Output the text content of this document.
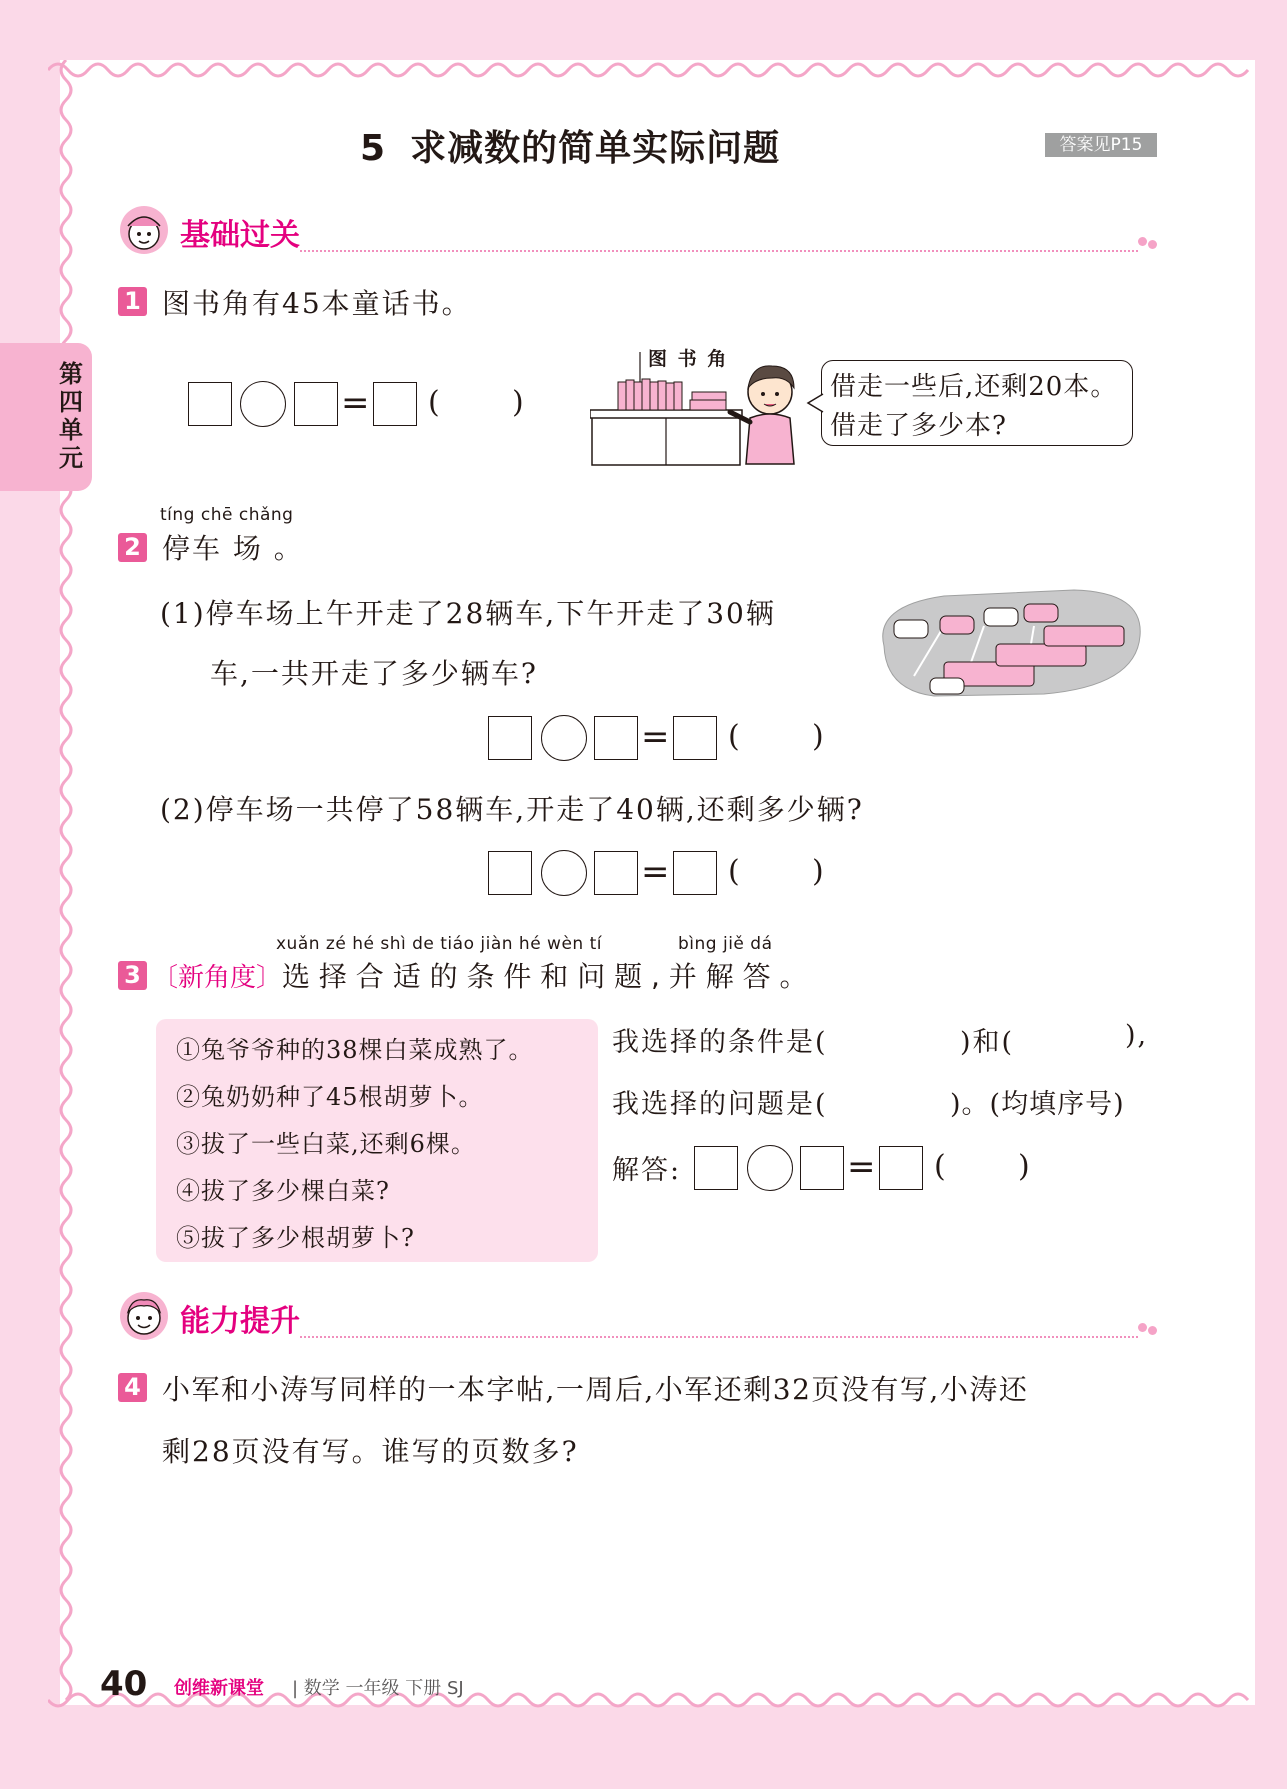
第四单元
5 求减数的简单实际问题	答案见P15
基础过关
1 图书角有45本童话书。
= ( )
图 书 角
借走一些后,还剩20本。
借走了多少本?
tíng chē chǎng
2 停车 场 。
(1)停车场上午开走了28辆车,下午开走了30辆
车,一共开走了多少辆车?
= ( )
(2)停车场一共停了58辆车,开走了40辆,还剩多少辆?
= ( )
xuǎn zé hé shì de tiáo jiàn hé wèn tí	bìng jiě dá
3 〔新角度〕 选 择 合 适 的 条 件 和 问 题 , 并 解 答 。
①兔爷爷种的38棵白菜成熟了。
②兔奶奶种了45根胡萝卜。
③拔了一些白菜,还剩6棵。
④拔了多少棵白菜?
⑤拔了多少根胡萝卜?
我选择的条件是(	)和(	),
我选择的问题是(	)。(均填序号)
解答:	= ( )
能力提升
4 小军和小涛写同样的一本字帖,一周后,小军还剩32页没有写,小涛还
剩28页没有写。谁写的页数多?
40 创维新课堂 | 数学 一年级 下册 SJ
